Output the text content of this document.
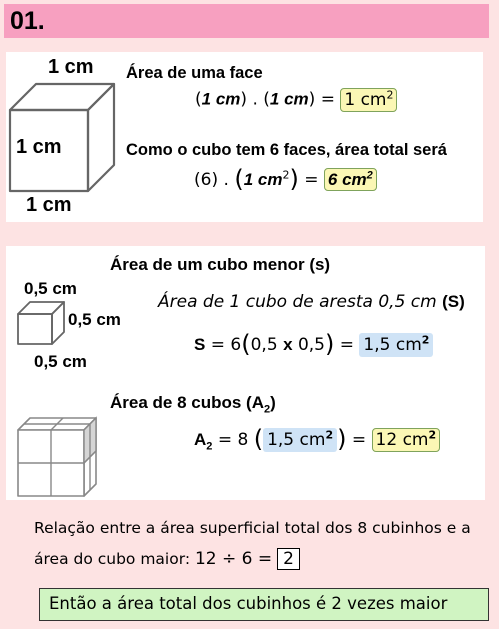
01.
1 cm
1 cm
1 cm
Área de uma face
(1 cm) . (1 cm) = 1 $cm^2$
Como o cubo tem 6 faces, área total será
(6) . (1 $cm^2) = 6$ $cm^2$
Área de um cubo menor (s)
0,5 cm
0,5 cm
0,5 cm
Área de 1 cubo de aresta 0,5 cm (S)
S = 6(0,5 x 0,5) = 1,5 $cm^2$
Área de 8 cubos $(A_2)$
$A_2 = 8$ ( 1,5 $cm^2$ ) = 12 $cm^2$
Relação entre a área superficial total dos 8 cubinhos e a
área do cubo maior: 12 ÷ 6 = 2
Então a área total dos cubinhos é 2 vezes maior
